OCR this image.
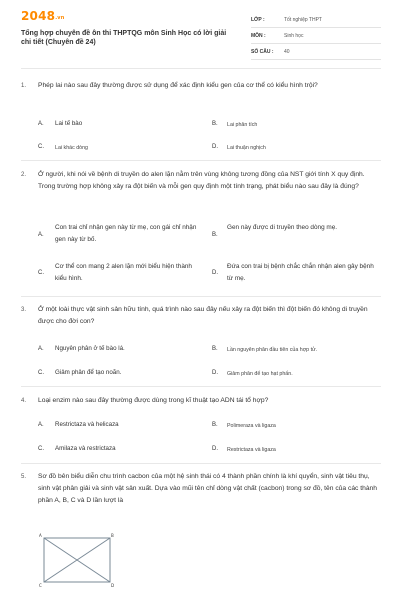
2048.vn
Tổng hợp chuyên đề ôn thi THPTQG môn Sinh Học có lời giải chi tiết (Chuyên đề 24)
LỚP :	Tốt nghiệp THPT
MÔN :	Sinh học
SỐ CÂU : 40
1. Phép lai nào sau đây thường được sử dụng để xác định kiểu gen của cơ thể có kiểu hình trội?
A. Lai tế bào	B. Lai phân tích
C. Lai khác dòng	D. Lai thuận nghịch
2. Ở người, khi nói về bệnh di truyền do alen lặn nằm trên vùng không tương đồng của NST giới tính X quy định. Trong trường hợp không xảy ra đột biến và mỗi gen quy định một tính trạng, phát biểu nào sau đây là đúng?
A.
Con trai chỉ nhận gen này từ mẹ, con gái chỉ nhận gen này từ bố.
B.
Gen này được di truyền theo dòng mẹ.
C.
Cơ thể con mang 2 alen lặn mới biểu hiện thành kiểu hình.
D.
Đứa con trai bị bệnh chắc chắn nhận alen gây bệnh từ mẹ.
3. Ở một loài thực vật sinh sản hữu tính, quá trình nào sau đây nếu xảy ra đột biến thì đột biến đó không di truyền được cho đời con?
A. Nguyên phân ở tế bào lá.	B. Lần nguyên phân đầu tiên của hợp tử.
C. Giảm phân để tạo noãn.	D. Giảm phân để tạo hạt phấn.
4. Loại enzim nào sau đây thường được dùng trong kĩ thuật tạo ADN tái tổ hợp?
A. Restrictaza và helicaza	B. Polimeraza và ligaza
C. Amilaza và restrictaza	D. Restrictaza và ligaza
5. Sơ đồ bên biểu diễn chu trình cacbon của một hệ sinh thái có 4 thành phần chính là khí quyển, sinh vật tiêu thụ, sinh vật phân giải và sinh vật sản xuất. Dựa vào mũi tên chỉ dòng vật chất (cacbon) trong sơ đồ, tên của các thành phần A, B, C và D lần lượt là
A	B
C	D
